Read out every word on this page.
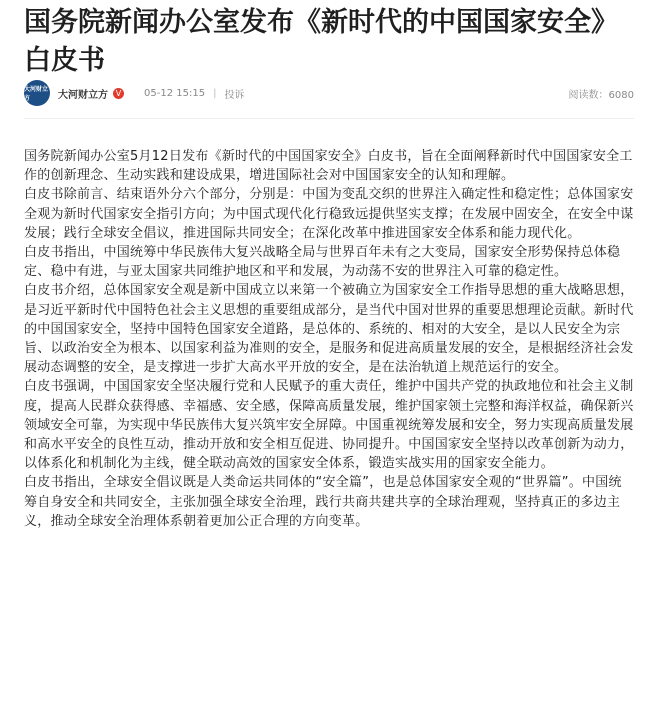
国务院新闻办公室发布《新时代的中国国家安全》白皮书
大河财立方	大河财立方 V 05-12 15:15 | 投诉	阅读数：6080

国务院新闻办公室5月12日发布《新时代的中国国家安全》白皮书，旨在全面阐释新时代中国国家安全工作的创新理念、生动实践和建设成果，增进国际社会对中国国家安全的认知和理解。

白皮书除前言、结束语外分六个部分，分别是：中国为变乱交织的世界注入确定性和稳定性；总体国家安全观为新时代国家安全指引方向；为中国式现代化行稳致远提供坚实支撑；在发展中固安全，在安全中谋发展；践行全球安全倡议，推进国际共同安全；在深化改革中推进国家安全体系和能力现代化。

白皮书指出，中国统筹中华民族伟大复兴战略全局与世界百年未有之大变局，国家安全形势保持总体稳定、稳中有进，与亚太国家共同维护地区和平和发展，为动荡不安的世界注入可靠的稳定性。

白皮书介绍，总体国家安全观是新中国成立以来第一个被确立为国家安全工作指导思想的重大战略思想，是习近平新时代中国特色社会主义思想的重要组成部分，是当代中国对世界的重要思想理论贡献。新时代的中国国家安全，坚持中国特色国家安全道路，是总体的、系统的、相对的大安全，是以人民安全为宗旨、以政治安全为根本、以国家利益为准则的安全，是服务和促进高质量发展的安全，是根据经济社会发展动态调整的安全，是支撑进一步扩大高水平开放的安全，是在法治轨道上规范运行的安全。

白皮书强调，中国国家安全坚决履行党和人民赋予的重大责任，维护中国共产党的执政地位和社会主义制度，提高人民群众获得感、幸福感、安全感，保障高质量发展，维护国家领土完整和海洋权益，确保新兴领域安全可靠，为实现中华民族伟大复兴筑牢安全屏障。中国重视统筹发展和安全，努力实现高质量发展和高水平安全的良性互动，推动开放和安全相互促进、协同提升。中国国家安全坚持以改革创新为动力，以体系化和机制化为主线，健全联动高效的国家安全体系，锻造实战实用的国家安全能力。

白皮书指出，全球安全倡议既是人类命运共同体的“安全篇”，也是总体国家安全观的“世界篇”。中国统筹自身安全和共同安全，主张加强全球安全治理，践行共商共建共享的全球治理观，坚持真正的多边主义，推动全球安全治理体系朝着更加公正合理的方向变革。
